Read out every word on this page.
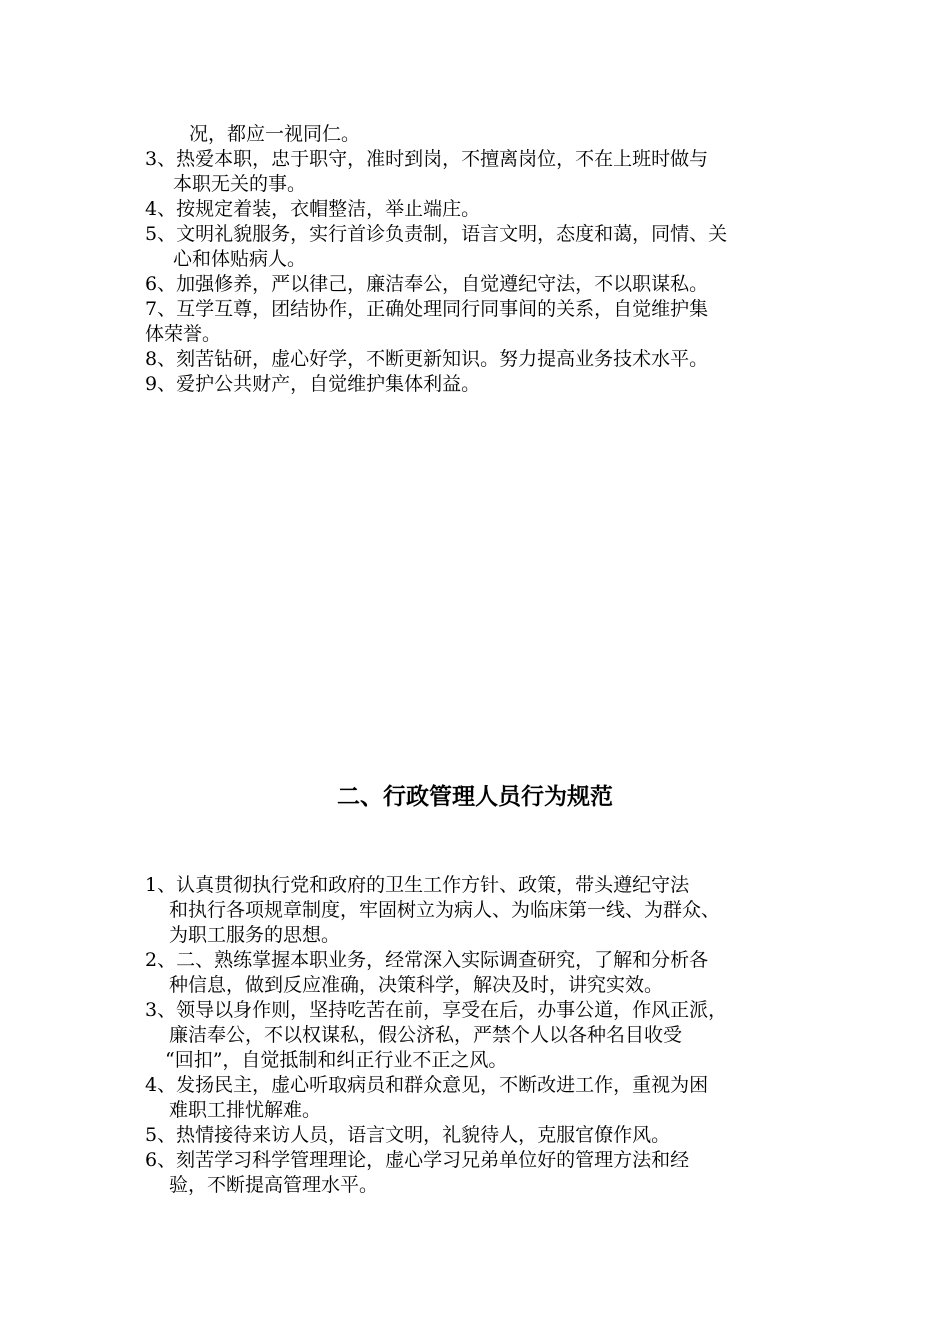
况，都应一视同仁。
3、热爱本职，忠于职守，准时到岗，不擅离岗位，不在上班时做与
本职无关的事。
4、按规定着装，衣帽整洁，举止端庄。
5、文明礼貌服务，实行首诊负责制，语言文明，态度和蔼，同情、关
心和体贴病人。
6、加强修养，严以律己，廉洁奉公，自觉遵纪守法，不以职谋私。
7、互学互尊，团结协作，正确处理同行同事间的关系，自觉维护集
体荣誉。
8、刻苦钻研，虚心好学，不断更新知识。努力提高业务技术水平。
9、爱护公共财产，自觉维护集体利益。
二、行政管理人员行为规范
1、认真贯彻执行党和政府的卫生工作方针、政策，带头遵纪守法
和执行各项规章制度，牢固树立为病人、为临床第一线、为群众、
为职工服务的思想。
2、二、熟练掌握本职业务，经常深入实际调查研究，了解和分析各
种信息，做到反应准确，决策科学，解决及时，讲究实效。
3、领导以身作则，坚持吃苦在前，享受在后，办事公道，作风正派，
廉洁奉公，不以权谋私，假公济私，严禁个人以各种名目收受
“回扣”，自觉抵制和纠正行业不正之风。
4、发扬民主，虚心听取病员和群众意见，不断改进工作，重视为困
难职工排忧解难。
5、热情接待来访人员，语言文明，礼貌待人，克服官僚作风。
6、刻苦学习科学管理理论，虚心学习兄弟单位好的管理方法和经
验，不断提高管理水平。
